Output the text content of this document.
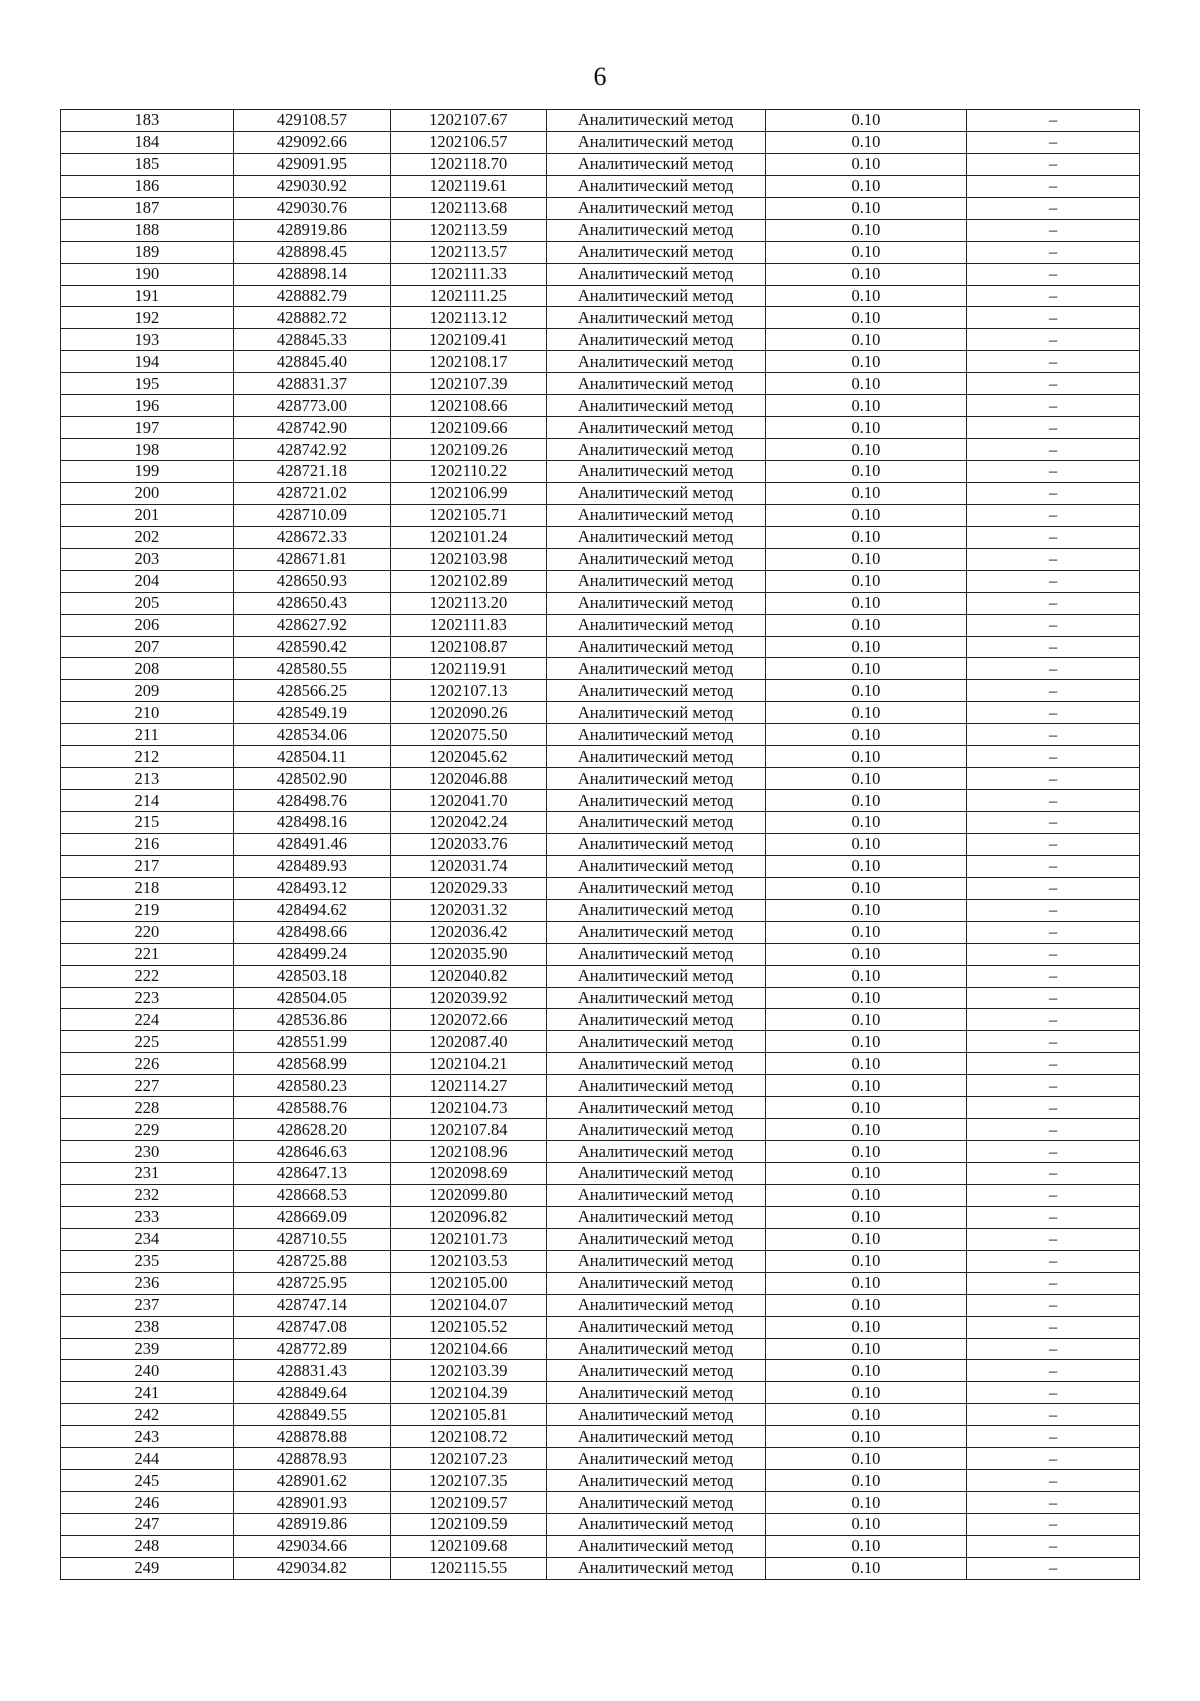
6
183	429108.57	1202107.67	Аналитический метод	0.10	–
184	429092.66	1202106.57	Аналитический метод	0.10	–
185	429091.95	1202118.70	Аналитический метод	0.10	–
186	429030.92	1202119.61	Аналитический метод	0.10	–
187	429030.76	1202113.68	Аналитический метод	0.10	–
188	428919.86	1202113.59	Аналитический метод	0.10	–
189	428898.45	1202113.57	Аналитический метод	0.10	–
190	428898.14	1202111.33	Аналитический метод	0.10	–
191	428882.79	1202111.25	Аналитический метод	0.10	–
192	428882.72	1202113.12	Аналитический метод	0.10	–
193	428845.33	1202109.41	Аналитический метод	0.10	–
194	428845.40	1202108.17	Аналитический метод	0.10	–
195	428831.37	1202107.39	Аналитический метод	0.10	–
196	428773.00	1202108.66	Аналитический метод	0.10	–
197	428742.90	1202109.66	Аналитический метод	0.10	–
198	428742.92	1202109.26	Аналитический метод	0.10	–
199	428721.18	1202110.22	Аналитический метод	0.10	–
200	428721.02	1202106.99	Аналитический метод	0.10	–
201	428710.09	1202105.71	Аналитический метод	0.10	–
202	428672.33	1202101.24	Аналитический метод	0.10	–
203	428671.81	1202103.98	Аналитический метод	0.10	–
204	428650.93	1202102.89	Аналитический метод	0.10	–
205	428650.43	1202113.20	Аналитический метод	0.10	–
206	428627.92	1202111.83	Аналитический метод	0.10	–
207	428590.42	1202108.87	Аналитический метод	0.10	–
208	428580.55	1202119.91	Аналитический метод	0.10	–
209	428566.25	1202107.13	Аналитический метод	0.10	–
210	428549.19	1202090.26	Аналитический метод	0.10	–
211	428534.06	1202075.50	Аналитический метод	0.10	–
212	428504.11	1202045.62	Аналитический метод	0.10	–
213	428502.90	1202046.88	Аналитический метод	0.10	–
214	428498.76	1202041.70	Аналитический метод	0.10	–
215	428498.16	1202042.24	Аналитический метод	0.10	–
216	428491.46	1202033.76	Аналитический метод	0.10	–
217	428489.93	1202031.74	Аналитический метод	0.10	–
218	428493.12	1202029.33	Аналитический метод	0.10	–
219	428494.62	1202031.32	Аналитический метод	0.10	–
220	428498.66	1202036.42	Аналитический метод	0.10	–
221	428499.24	1202035.90	Аналитический метод	0.10	–
222	428503.18	1202040.82	Аналитический метод	0.10	–
223	428504.05	1202039.92	Аналитический метод	0.10	–
224	428536.86	1202072.66	Аналитический метод	0.10	–
225	428551.99	1202087.40	Аналитический метод	0.10	–
226	428568.99	1202104.21	Аналитический метод	0.10	–
227	428580.23	1202114.27	Аналитический метод	0.10	–
228	428588.76	1202104.73	Аналитический метод	0.10	–
229	428628.20	1202107.84	Аналитический метод	0.10	–
230	428646.63	1202108.96	Аналитический метод	0.10	–
231	428647.13	1202098.69	Аналитический метод	0.10	–
232	428668.53	1202099.80	Аналитический метод	0.10	–
233	428669.09	1202096.82	Аналитический метод	0.10	–
234	428710.55	1202101.73	Аналитический метод	0.10	–
235	428725.88	1202103.53	Аналитический метод	0.10	–
236	428725.95	1202105.00	Аналитический метод	0.10	–
237	428747.14	1202104.07	Аналитический метод	0.10	–
238	428747.08	1202105.52	Аналитический метод	0.10	–
239	428772.89	1202104.66	Аналитический метод	0.10	–
240	428831.43	1202103.39	Аналитический метод	0.10	–
241	428849.64	1202104.39	Аналитический метод	0.10	–
242	428849.55	1202105.81	Аналитический метод	0.10	–
243	428878.88	1202108.72	Аналитический метод	0.10	–
244	428878.93	1202107.23	Аналитический метод	0.10	–
245	428901.62	1202107.35	Аналитический метод	0.10	–
246	428901.93	1202109.57	Аналитический метод	0.10	–
247	428919.86	1202109.59	Аналитический метод	0.10	–
248	429034.66	1202109.68	Аналитический метод	0.10	–
249	429034.82	1202115.55	Аналитический метод	0.10	–
